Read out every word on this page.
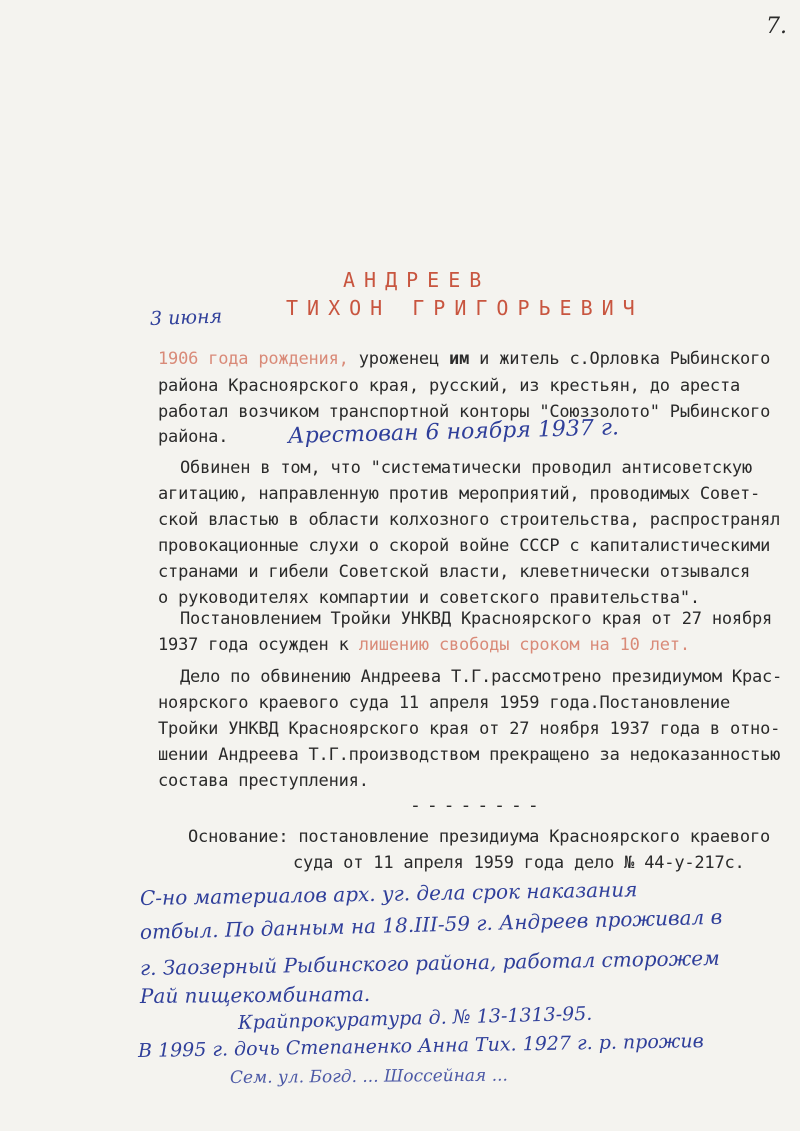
7.
АНДРЕЕВ
ТИХОН ГРИГОРЬЕВИЧ
3 июня
1906 года рождения, уроженец им и житель с.Орловка Рыбинского
района Красноярского края, русский, из крестьян, до ареста
работал возчиком транспортной конторы "Союззолото" Рыбинского
района.	Арестован 6 ноября 1937 г.
Обвинен в том, что "систематически проводил антисоветскую
агитацию, направленную против мероприятий, проводимых Совет-
ской властью в области колхозного строительства, распространял
провокационные слухи о скорой войне СССР с капиталистическими
странами и гибели Советской власти, клеветнически отзывался
о руководителях компартии и советского правительства".
Постановлением Тройки УНКВД Красноярского края от 27 ноября
1937 года осужден к лишению свободы сроком на 10 лет.
Дело по обвинению Андреева Т.Г.рассмотрено президиумом Крас-
ноярского краевого суда 11 апреля 1959 года.Постановление
Тройки УНКВД Красноярского края от 27 ноября 1937 года в отно-
шении Андреева Т.Г.производством прекращено за недоказанностью
состава преступления.
--------
Основание: постановление президиума Красноярского краевого
суда от 11 апреля 1959 года дело № 44-у-217с.
С-но материалов арх. уг. дела срок наказания
отбыл. По данным на 18.III-59 г. Андреев проживал в
г. Заозерный Рыбинского района, работал сторожем
Рай пищекомбината.
Крайпрокуратура д. № 13-1313-95.
В 1995 г. дочь Степаненко Анна Тих. 1927 г. р. прожив
Сем. ул. Богд. ... Шоссейная ...
